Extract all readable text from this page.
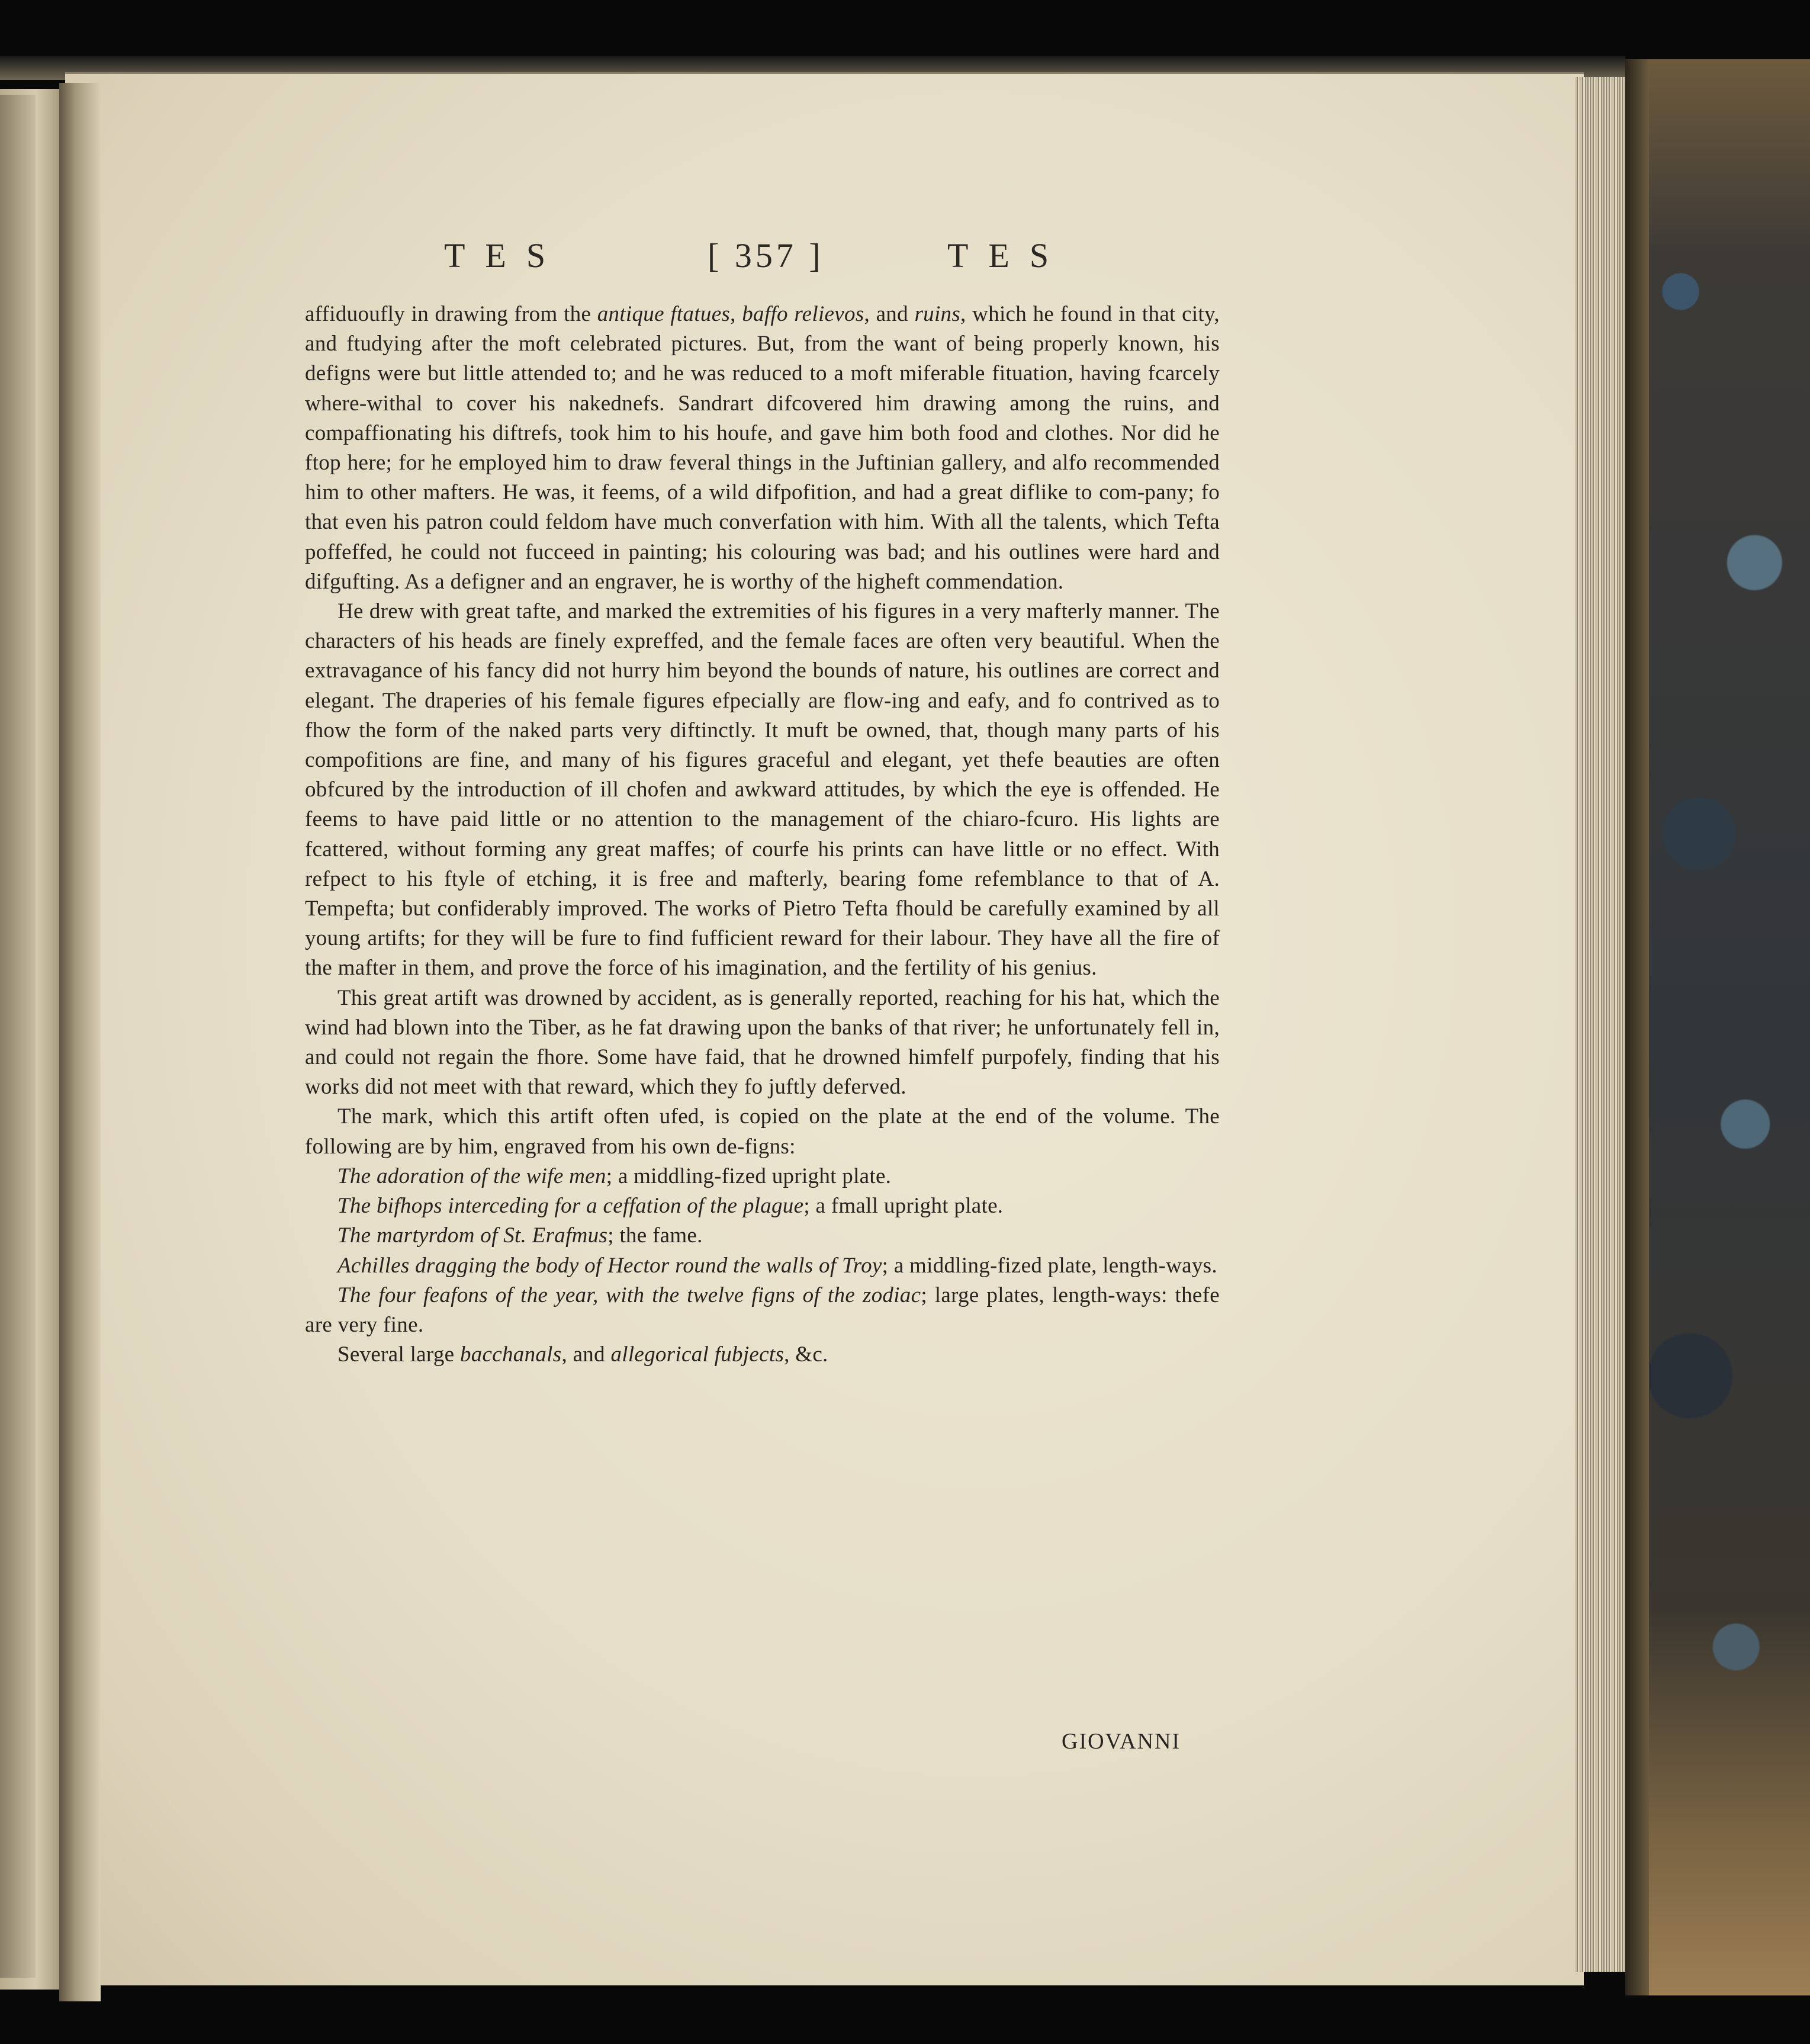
TES	[ 357 ]	TES

affiduoufly in drawing from the antique ftatues, baffo relievos, and ruins, which he found in that city, and ftudying after the moft celebrated pictures. But, from the want of being properly known, his defigns were but little attended to; and he was reduced to a moft miferable fituation, having fcarcely where-withal to cover his nakednefs. Sandrart difcovered him drawing among the ruins, and compaffionating his diftrefs, took him to his houfe, and gave him both food and clothes. Nor did he ftop here; for he employed him to draw feveral things in the Juftinian gallery, and alfo recommended him to other mafters. He was, it feems, of a wild difpofition, and had a great diflike to com-pany; fo that even his patron could feldom have much converfation with him. With all the talents, which Tefta poffeffed, he could not fucceed in painting; his colouring was bad; and his outlines were hard and difgufting. As a defigner and an engraver, he is worthy of the higheft commendation.

He drew with great tafte, and marked the extremities of his figures in a very mafterly manner. The characters of his heads are finely expreffed, and the female faces are often very beautiful. When the extravagance of his fancy did not hurry him beyond the bounds of nature, his outlines are correct and elegant. The draperies of his female figures efpecially are flow-ing and eafy, and fo contrived as to fhow the form of the naked parts very diftinctly. It muft be owned, that, though many parts of his compofitions are fine, and many of his figures graceful and elegant, yet thefe beauties are often obfcured by the introduction of ill chofen and awkward attitudes, by which the eye is offended. He feems to have paid little or no attention to the management of the chiaro-fcuro. His lights are fcattered, without forming any great maffes; of courfe his prints can have little or no effect. With refpect to his ftyle of etching, it is free and mafterly, bearing fome refemblance to that of A. Tempefta; but confiderably improved. The works of Pietro Tefta fhould be carefully examined by all young artifts; for they will be fure to find fufficient reward for their labour. They have all the fire of the mafter in them, and prove the force of his imagination, and the fertility of his genius.

This great artift was drowned by accident, as is generally reported, reaching for his hat, which the wind had blown into the Tiber, as he fat drawing upon the banks of that river; he unfortunately fell in, and could not regain the fhore. Some have faid, that he drowned himfelf purpofely, finding that his works did not meet with that reward, which they fo juftly deferved.

The mark, which this artift often ufed, is copied on the plate at the end of the volume. The following are by him, engraved from his own de-figns:

The adoration of the wife men; a middling-fized upright plate.

The bifhops interceding for a ceffation of the plague; a fmall upright plate.

The martyrdom of St. Erafmus; the fame.

Achilles dragging the body of Hector round the walls of Troy; a middling-fized plate, length-ways.

The four feafons of the year, with the twelve figns of the zodiac; large plates, length-ways: thefe are very fine.

Several large bacchanals, and allegorical fubjects, &c.

GIOVANNI
